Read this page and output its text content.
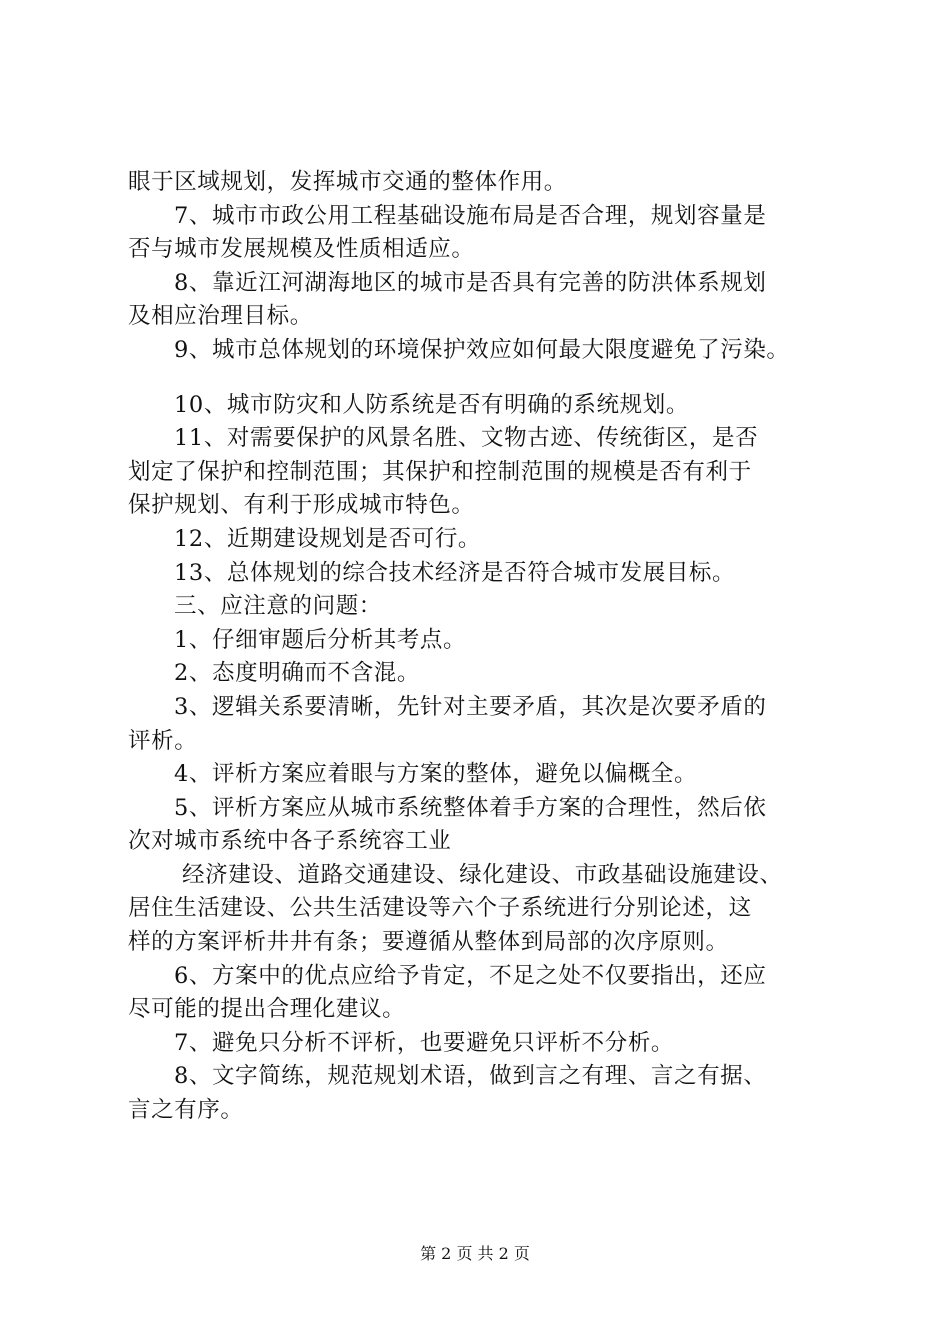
眼于区域规划，发挥城市交通的整体作用。
7、城市市政公用工程基础设施布局是否合理，规划容量是
否与城市发展规模及性质相适应。
8、靠近江河湖海地区的城市是否具有完善的防洪体系规划
及相应治理目标。
9、城市总体规划的环境保护效应如何最大限度避免了污染。
10、城市防灾和人防系统是否有明确的系统规划。
11、对需要保护的风景名胜、文物古迹、传统街区，是否
划定了保护和控制范围；其保护和控制范围的规模是否有利于
保护规划、有利于形成城市特色。
12、近期建设规划是否可行。
13、总体规划的综合技术经济是否符合城市发展目标。
三、应注意的问题：
1、仔细审题后分析其考点。
2、态度明确而不含混。
3、逻辑关系要清晰，先针对主要矛盾，其次是次要矛盾的
评析。
4、评析方案应着眼与方案的整体，避免以偏概全。
5、评析方案应从城市系统整体着手方案的合理性，然后依
次对城市系统中各子系统容工业
经济建设、道路交通建设、绿化建设、市政基础设施建设、
居住生活建设、公共生活建设等六个子系统进行分别论述，这
样的方案评析井井有条；要遵循从整体到局部的次序原则。
6、方案中的优点应给予肯定，不足之处不仅要指出，还应
尽可能的提出合理化建议。
7、避免只分析不评析，也要避免只评析不分析。
8、文字简练，规范规划术语，做到言之有理、言之有据、
言之有序。
第 2 页 共 2 页
